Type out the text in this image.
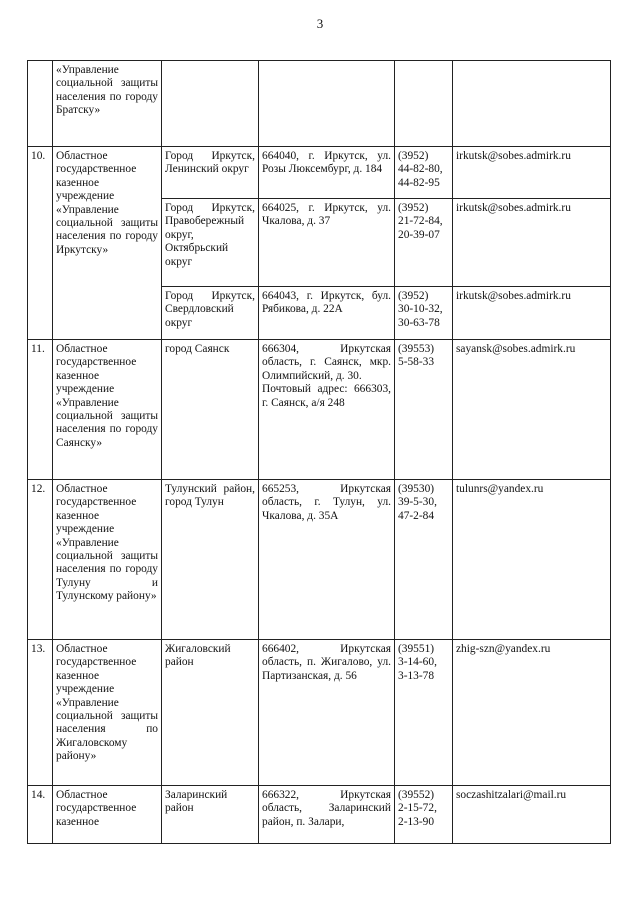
3
	«Управление социальной защиты населения по городу Братску»				
10.	Областное государственное казенное учреждение «Управление социальной защиты населения по городу Иркутску»	Город Иркутск, Ленинский округ	664040, г. Иркутск, ул. Розы Люксембург, д. 184	(3952)
44-82-80,
44-82-95	irkutsk@sobes.admirk.ru
		Город Иркутск, Правобережный округ, Октябрьский округ	664025, г. Иркутск, ул. Чкалова, д. 37	(3952)
21-72-84,
20-39-07	irkutsk@sobes.admirk.ru
		Город Иркутск, Свердловский округ	664043, г. Иркутск, бул. Рябикова, д. 22А	(3952)
30-10-32,
30-63-78	irkutsk@sobes.admirk.ru
11.	Областное государственное казенное учреждение «Управление социальной защиты населения по городу Саянску»	город Саянск	666304, Иркутская область, г. Саянск, мкр. Олимпийский, д. 30.
Почтовый адрес: 666303, г. Саянск, а/я 248	(39553)
5-58-33	sayansk@sobes.admirk.ru
12.	Областное государственное казенное учреждение «Управление социальной защиты населения по городу Тулуну и Тулунскому району»	Тулунский район, город Тулун	665253, Иркутская область, г. Тулун, ул. Чкалова, д. 35А	(39530)
39-5-30,
47-2-84	tulunrs@yandex.ru
13.	Областное государственное казенное учреждение «Управление социальной защиты населения по Жигаловскому району»	Жигаловский район	666402, Иркутская область, п. Жигалово, ул. Партизанская, д. 56	(39551)
3-14-60,
3-13-78	zhig-szn@yandex.ru
14.	Областное государственное казенное	Заларинский район	666322, Иркутская область, Заларинский район, п. Залари,	(39552)
2-15-72,
2-13-90	soczashitzalari@mail.ru
